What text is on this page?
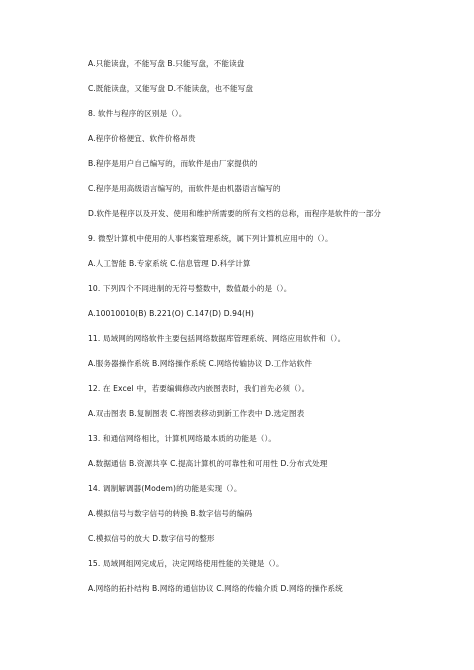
A.只能读盘，不能写盘 B.只能写盘，不能读盘
C.既能读盘，又能写盘 D.不能读盘，也不能写盘
8. 软件与程序的区别是（）。
A.程序价格便宜、软件价格昂贵
B.程序是用户自己编写的，而软件是由厂家提供的
C.程序是用高级语言编写的，而软件是由机器语言编写的
D.软件是程序以及开发、使用和维护所需要的所有文档的总称，而程序是软件的一部分
9. 微型计算机中使用的人事档案管理系统，属下列计算机应用中的（）。
A.人工智能 B.专家系统 C.信息管理 D.科学计算
10. 下列四个不同进制的无符号整数中，数值最小的是（）。
A.10010010(B) B.221(O) C.147(D) D.94(H)
11. 局域网的网络软件主要包括网络数据库管理系统、网络应用软件和（）。
A.服务器操作系统 B.网络操作系统 C.网络传输协议 D.工作站软件
12. 在 Excel 中，若要编辑修改内嵌图表时，我们首先必须（）。
A.双击图表 B.复制图表 C.将图表移动到新工作表中 D.选定图表
13. 和通信网络相比，计算机网络最本质的功能是（）。
A.数据通信 B.资源共享 C.提高计算机的可靠性和可用性 D.分布式处理
14. 调制解调器(Modem)的功能是实现（）。
A.模拟信号与数字信号的转换 B.数字信号的编码
C.模拟信号的放大 D.数字信号的整形
15. 局域网组网完成后，决定网络使用性能的关键是（）。
A.网络的拓扑结构 B.网络的通信协议 C.网络的传输介质 D.网络的操作系统
